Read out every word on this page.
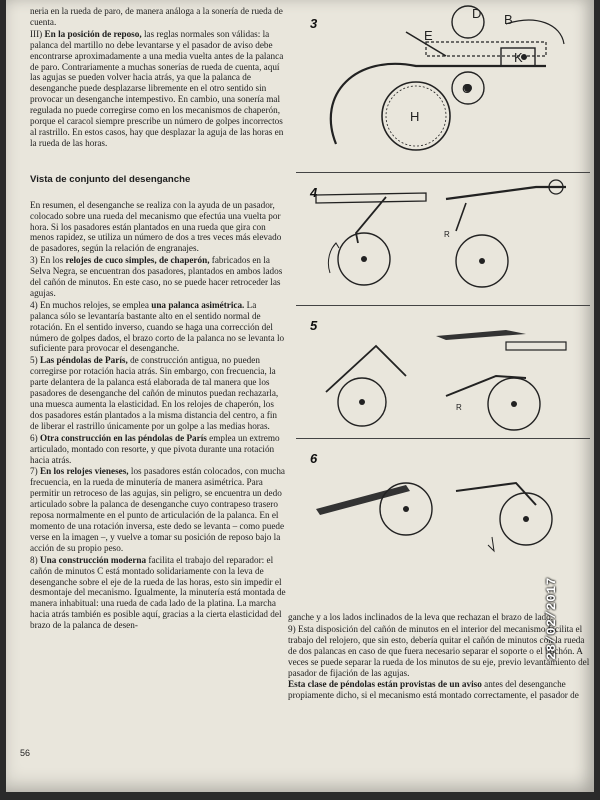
neria en la rueda de paro, de manera análoga a la sonería de rueda de cuenta.

III) En la posición de reposo, las reglas normales son válidas: la palanca del martillo no debe levantarse y el pasador de aviso debe encontrarse aproximadamente a una media vuelta antes de la palanca de paro. Contrariamente a muchas sonerías de rueda de cuenta, aquí las agujas se pueden volver hacia atrás, ya que la palanca de desenganche puede desplazarse libremente en el otro sentido sin provocar un desenganche intempestivo. En cambio, una sonería mal regulada no puede corregirse como en los mecanismos de chaperón, porque el caracol siempre prescribe un número de golpes incorrectos al rastrillo. En estos casos, hay que desplazar la aguja de las horas en la rueda de las horas.

Vista de conjunto del desenganche

En resumen, el desenganche se realiza con la ayuda de un pasador, colocado sobre una rueda del mecanismo que efectúa una vuelta por hora. Si los pasadores están plantados en una rueda que gira con menos rapidez, se utiliza un número de dos a tres veces más elevado de pasadores, según la relación de engranajes.

3) En los relojes de cuco simples, de chaperón, fabricados en la Selva Negra, se encuentran dos pasadores, plantados en ambos lados del cañón de minutos. En este caso, no se puede hacer retroceder las agujas.

4) En muchos relojes, se emplea una palanca asimétrica. La palanca sólo se levantaría bastante alto en el sentido normal de rotación. En el sentido inverso, cuando se haga una corrección del número de golpes dados, el brazo corto de la palanca no se levanta lo suficiente para provocar el desenganche.

5) Las péndolas de París, de construcción antigua, no pueden corregirse por rotación hacia atrás. Sin embargo, con frecuencia, la parte delantera de la palanca está elaborada de tal manera que los pasadores de desenganche del cañón de minutos puedan rechazarla, una muesca aumenta la elasticidad. En los relojes de chaperón, los dos pasadores están plantados a la misma distancia del centro, a fin de liberar el rastrillo únicamente por un golpe a las medias horas.

6) Otra construcción en las péndolas de París emplea un extremo articulado, montado con resorte, y que pivota durante una rotación hacia atrás.

7) En los relojes vieneses, los pasadores están colocados, con mucha frecuencia, en la rueda de minutería de manera asimétrica. Para permitir un retroceso de las agujas, sin peligro, se encuentra un dedo articulado sobre la palanca de desenganche cuyo contrapeso trasero reposa normalmente en el punto de articulación de la palanca. En el momento de una rotación inversa, este dedo se levanta – como puede verse en la imagen –, y vuelve a tomar su posición de reposo bajo la acción de su propio peso.

8) Una construcción moderna facilita el trabajo del reparador: el cañón de minutos C está montado solidariamente con la leva de desenganche sobre el eje de la rueda de las horas, esto sin impedir el desmontaje del mecanismo. Igualmente, la minutería está montada de manera inhabitual: una rueda de cada lado de la platina. La marcha hacia atrás también es posible aquí, gracias a la cierta elasticidad del brazo de la palanca de desen-

3
D
E
B
K
H
C
4
R
5
R
6

ganche y a los lados inclinados de la leva que rechazan el brazo de lado.

9) Esta disposición del cañón de minutos en el interior del mecanismo facilita el trabajo del relojero, que sin esto, debería quitar el cañón de minutos con la rueda de dos palancas en caso de que fuera necesario separar el soporte o el buchón. A veces se puede separar la rueda de los minutos de su eje, previo levantamiento del pasador de fijación de las agujas.

Esta clase de péndolas están provistas de un aviso antes del desenganche propiamente dicho, si el mecanismo está montado correctamente, el pasador de

56
28/02/2017
